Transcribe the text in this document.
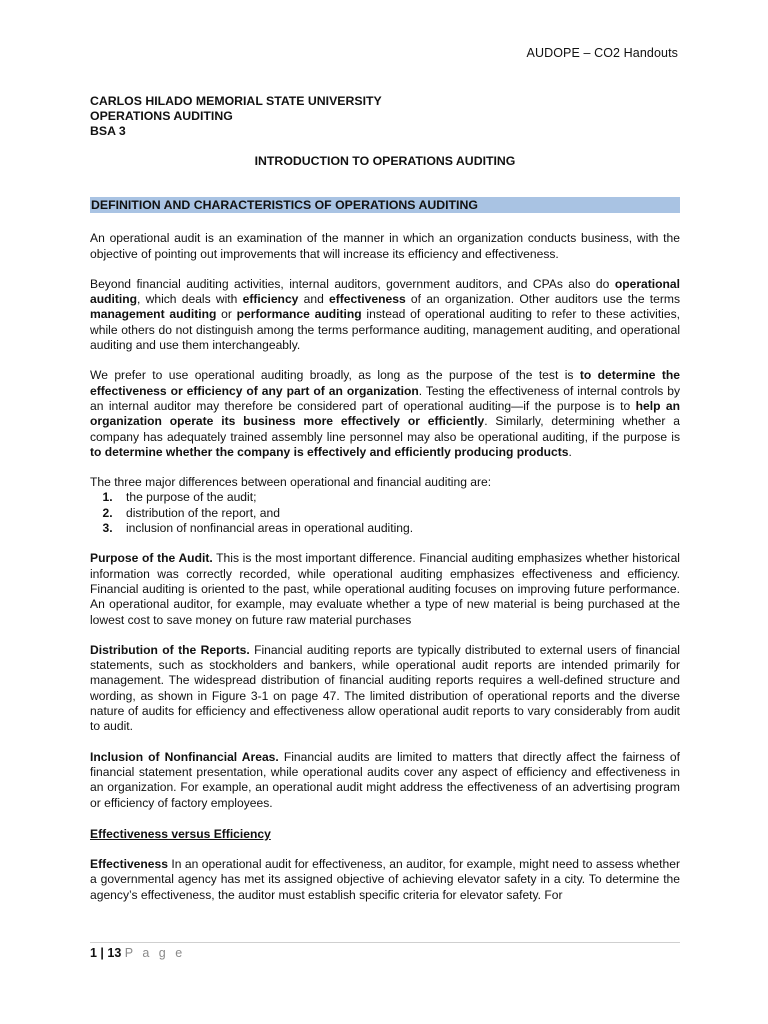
AUDOPE – CO2 Handouts

CARLOS HILADO MEMORIAL STATE UNIVERSITY

OPERATIONS AUDITING

BSA 3

INTRODUCTION TO OPERATIONS AUDITING
DEFINITION AND CHARACTERISTICS OF OPERATIONS AUDITING

An operational audit is an examination of the manner in which an organization conducts business, with the objective of pointing out improvements that will increase its efficiency and effectiveness.

Beyond financial auditing activities, internal auditors, government auditors, and CPAs also do operational auditing, which deals with efficiency and effectiveness of an organization. Other auditors use the terms management auditing or performance auditing instead of operational auditing to refer to these activities, while others do not distinguish among the terms performance auditing, management auditing, and operational auditing and use them interchangeably.

We prefer to use operational auditing broadly, as long as the purpose of the test is to determine the effectiveness or efficiency of any part of an organization. Testing the effectiveness of internal controls by an internal auditor may therefore be considered part of operational auditing—if the purpose is to help an organization operate its business more effectively or efficiently. Similarly, determining whether a company has adequately trained assembly line personnel may also be operational auditing, if the purpose is to determine whether the company is effectively and efficiently producing products.

The three major differences between operational and financial auditing are:

1. the purpose of the audit;
2. distribution of the report, and
3. inclusion of nonfinancial areas in operational auditing.

Purpose of the Audit. This is the most important difference. Financial auditing emphasizes whether historical information was correctly recorded, while operational auditing emphasizes effectiveness and efficiency. Financial auditing is oriented to the past, while operational auditing focuses on improving future performance. An operational auditor, for example, may evaluate whether a type of new material is being purchased at the lowest cost to save money on future raw material purchases

Distribution of the Reports. Financial auditing reports are typically distributed to external users of financial statements, such as stockholders and bankers, while operational audit reports are intended primarily for management. The widespread distribution of financial auditing reports requires a well-defined structure and wording, as shown in Figure 3-1 on page 47. The limited distribution of operational reports and the diverse nature of audits for efficiency and effectiveness allow operational audit reports to vary considerably from audit to audit.

Inclusion of Nonfinancial Areas. Financial audits are limited to matters that directly affect the fairness of financial statement presentation, while operational audits cover any aspect of efficiency and effectiveness in an organization. For example, an operational audit might address the effectiveness of an advertising program or efficiency of factory employees.

Effectiveness versus Efficiency

Effectiveness In an operational audit for effectiveness, an auditor, for example, might need to assess whether a governmental agency has met its assigned objective of achieving elevator safety in a city. To determine the agency’s effectiveness, the auditor must establish specific criteria for elevator safety. For

1 | 13 P a g e
